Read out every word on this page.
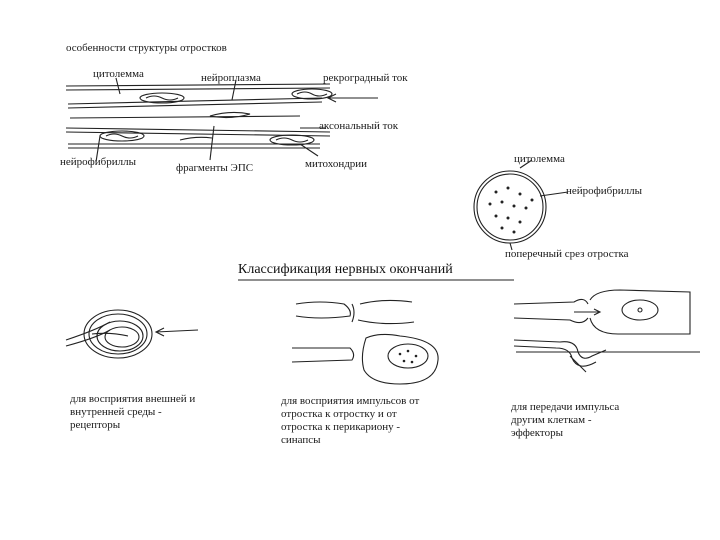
особенности структуры отростков
цитолемма	нейроплазма	рекроградный ток
аксональный ток
нейрофибриллы	фрагменты ЭПС	митохондрии	цитолемма
нейрофибриллы
поперечный срез отростка
Классификация нервных окончаний
для восприятия внешней и
внутренней среды -
рецепторы
для восприятия импульсов от
отростка к отростку и от
отростка к перикариону -
синапсы
для передачи импульса
другим клеткам -
эффекторы
